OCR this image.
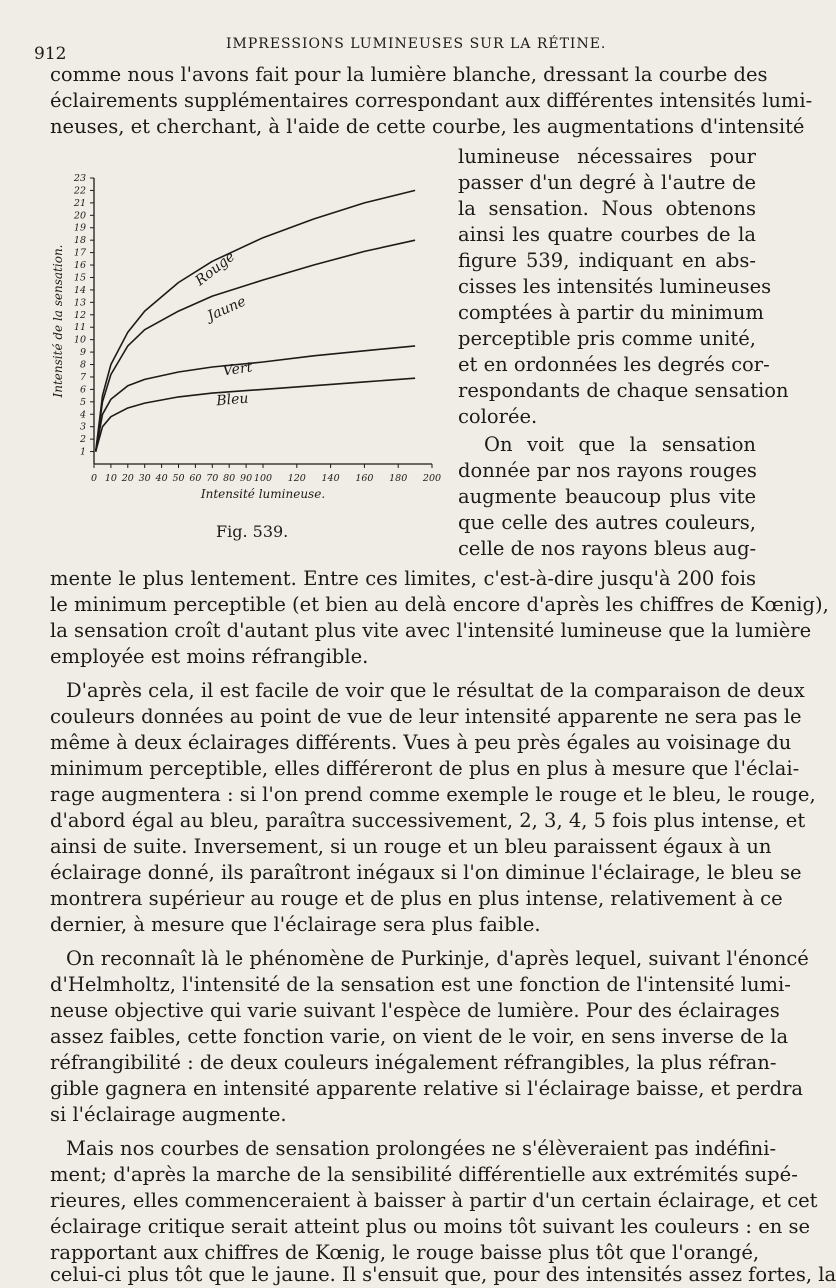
912	IMPRESSIONS LUMINEUSES SUR LA RÉTINE.
comme nous l'avons fait pour la lumière blanche, dressant la courbe des
éclairements supplémentaires correspondant aux différentes intensités lumi-
neuses, et cherchant, à l'aide de cette courbe, les augmentations d'intensité
lumineuse nécessaires pour
passer d'un degré à l'autre de
la sensation. Nous obtenons
ainsi les quatre courbes de la
figure 539, indiquant en abs-
cisses les intensités lumineuses
comptées à partir du minimum
perceptible pris comme unité,
et en ordonnées les degrés cor-
respondants de chaque sensation
colorée.
On voit que la sensation
donnée par nos rayons rouges
augmente beaucoup plus vite
que celle des autres couleurs,
celle de nos rayons bleus aug-
1
2
3
4
5
6
7
8
9
10
11
12
13
14
15
16
17
18
19
20
21
22
23
0 10 20 30 40 50 60 70 80 90 100 120 140 160 180 200
Intensité lumineuse.
Intensité de la sensation.	Rouge
Jaune
Vert
Bleu
Fig. 539.
mente le plus lentement. Entre ces limites, c'est-à-dire jusqu'à 200 fois
le minimum perceptible (et bien au delà encore d'après les chiffres de Kœnig),
la sensation croît d'autant plus vite avec l'intensité lumineuse que la lumière
employée est moins réfrangible.
D'après cela, il est facile de voir que le résultat de la comparaison de deux
couleurs données au point de vue de leur intensité apparente ne sera pas le
même à deux éclairages différents. Vues à peu près égales au voisinage du
minimum perceptible, elles différeront de plus en plus à mesure que l'éclai-
rage augmentera : si l'on prend comme exemple le rouge et le bleu, le rouge,
d'abord égal au bleu, paraîtra successivement, 2, 3, 4, 5 fois plus intense, et
ainsi de suite. Inversement, si un rouge et un bleu paraissent égaux à un
éclairage donné, ils paraîtront inégaux si l'on diminue l'éclairage, le bleu se
montrera supérieur au rouge et de plus en plus intense, relativement à ce
dernier, à mesure que l'éclairage sera plus faible.
On reconnaît là le phénomène de Purkinje, d'après lequel, suivant l'énoncé
d'Helmholtz, l'intensité de la sensation est une fonction de l'intensité lumi-
neuse objective qui varie suivant l'espèce de lumière. Pour des éclairages
assez faibles, cette fonction varie, on vient de le voir, en sens inverse de la
réfrangibilité : de deux couleurs inégalement réfrangibles, la plus réfran-
gible gagnera en intensité apparente relative si l'éclairage baisse, et perdra
si l'éclairage augmente.
Mais nos courbes de sensation prolongées ne s'élèveraient pas indéfini-
ment; d'après la marche de la sensibilité différentielle aux extrémités supé-
rieures, elles commenceraient à baisser à partir d'un certain éclairage, et cet
éclairage critique serait atteint plus ou moins tôt suivant les couleurs : en se
rapportant aux chiffres de Kœnig, le rouge baisse plus tôt que l'orangé,
celui-ci plus tôt que le jaune. Il s'ensuit que, pour des intensités assez fortes, la
